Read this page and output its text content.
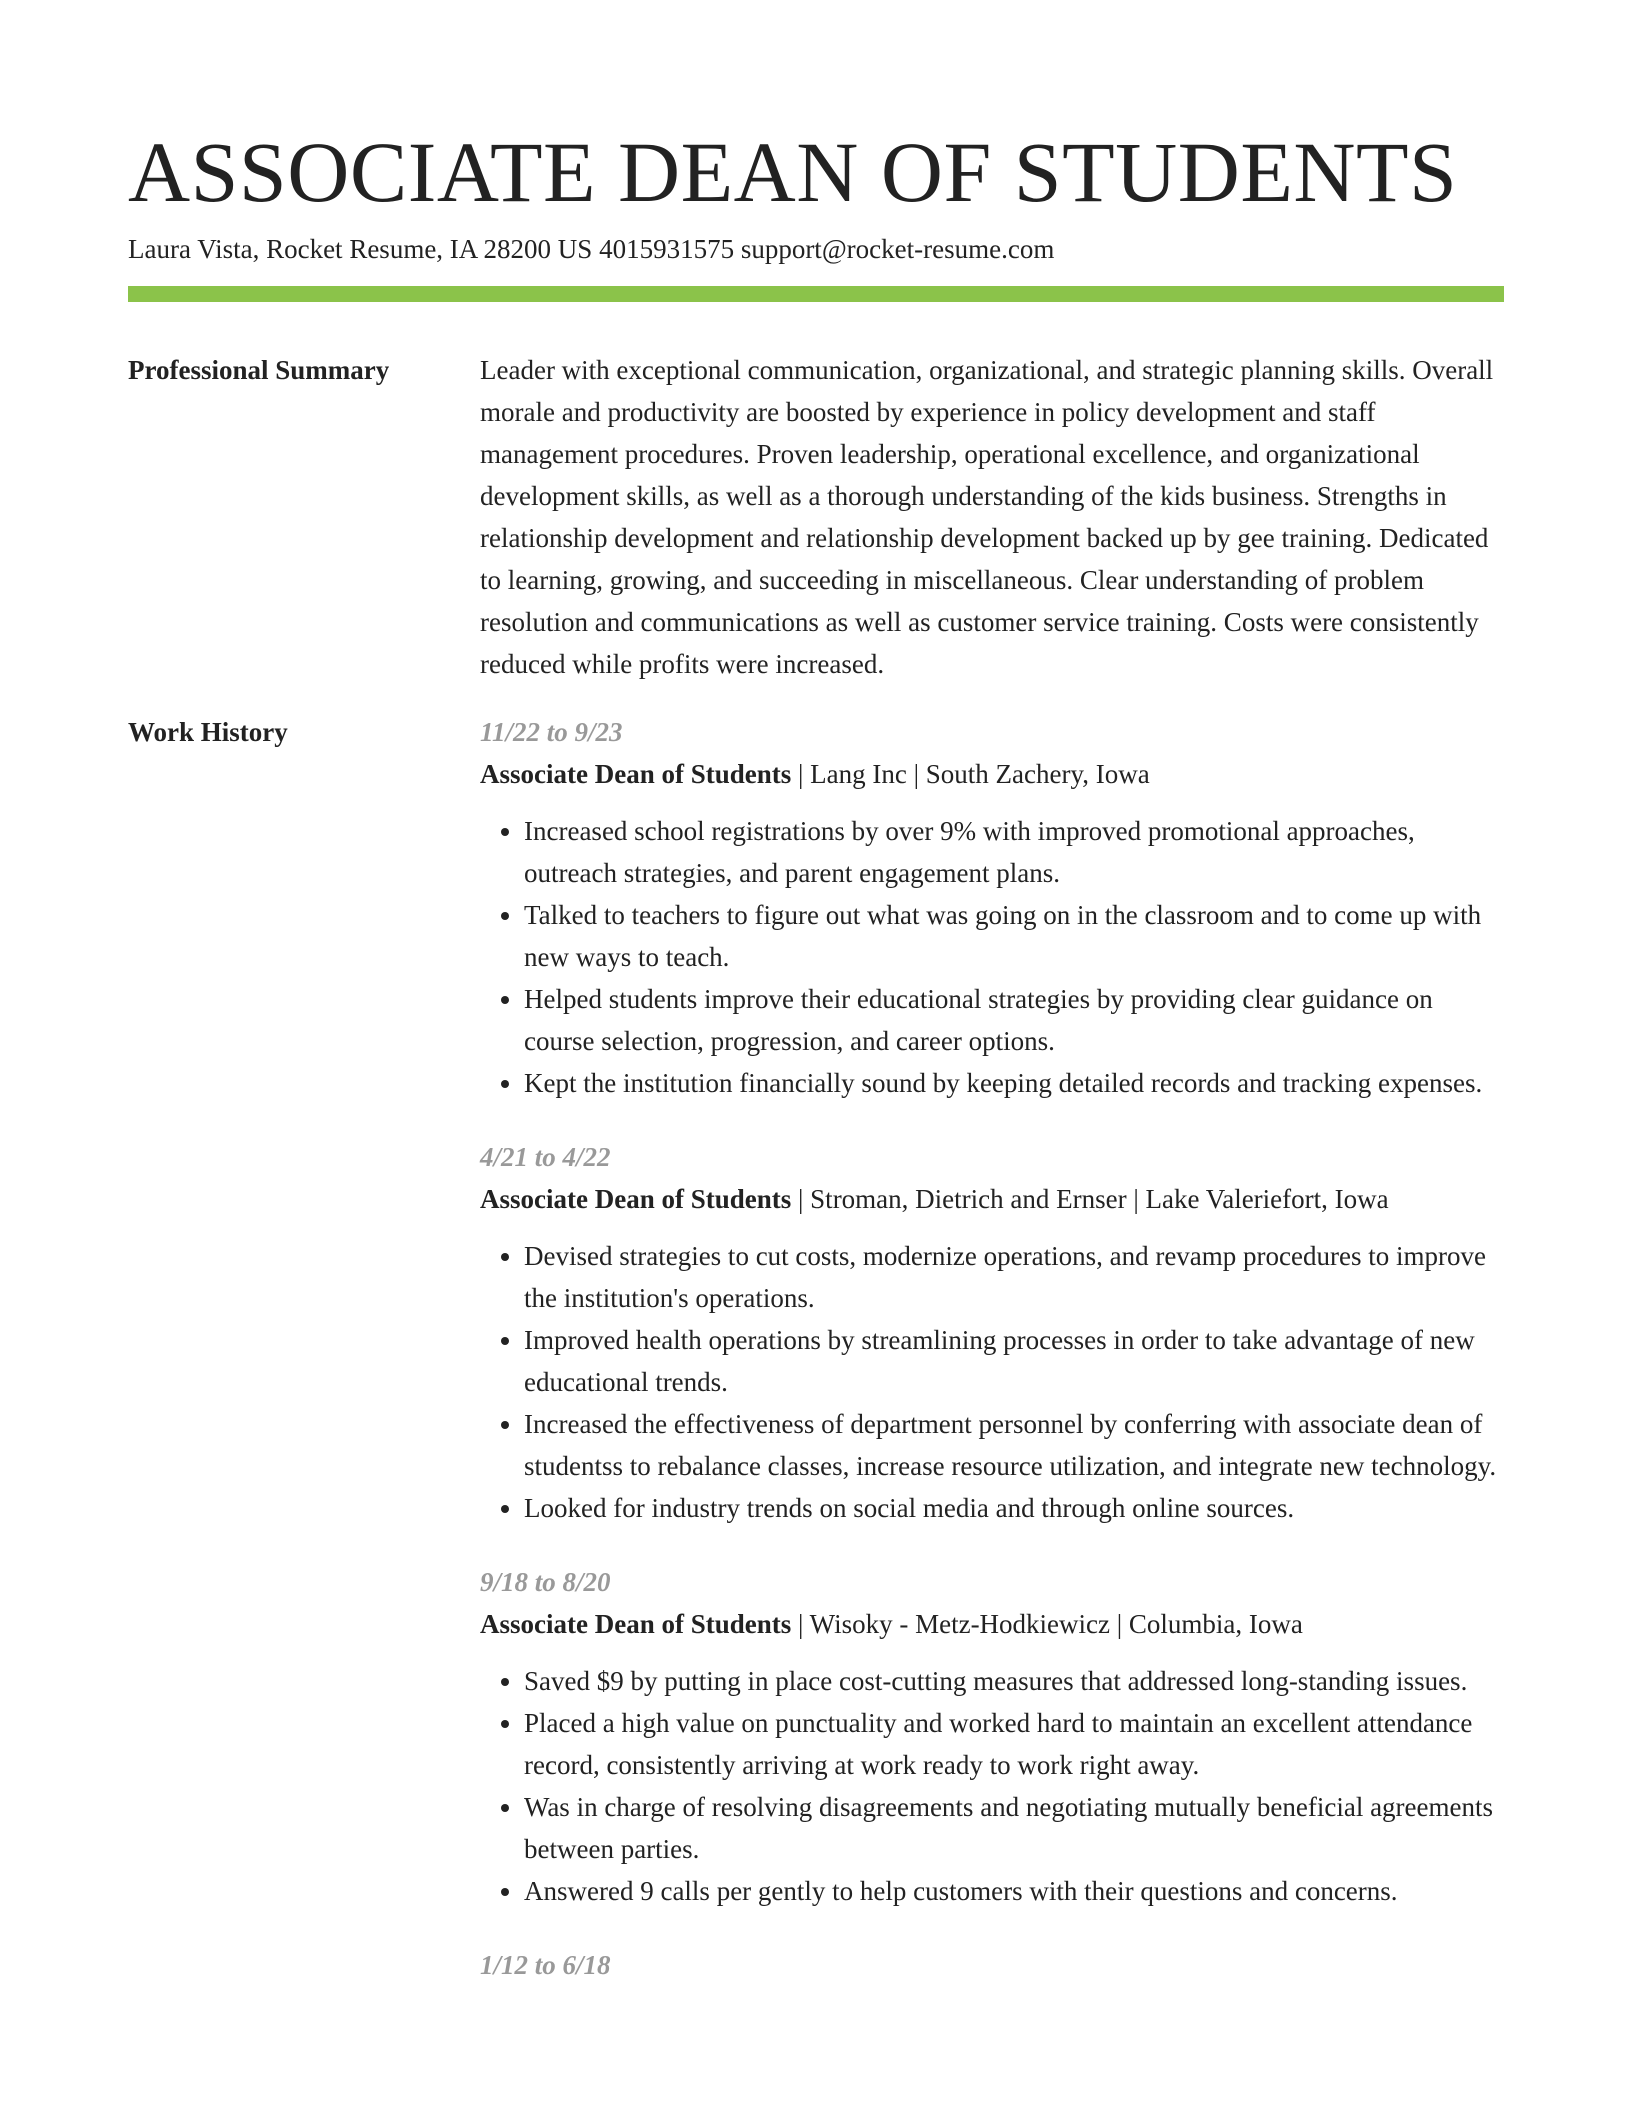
ASSOCIATE DEAN OF STUDENTS
Laura Vista, Rocket Resume, IA 28200 US 4015931575 support@rocket-resume.com
Professional Summary	Leader with exceptional communication, organizational, and strategic planning skills. Overall morale and productivity are boosted by experience in policy development and staff management procedures. Proven leadership, operational excellence, and organizational development skills, as well as a thorough understanding of the kids business. Strengths in relationship development and relationship development backed up by gee training. Dedicated to learning, growing, and succeeding in miscellaneous. Clear understanding of problem resolution and communications as well as customer service training. Costs were consistently reduced while profits were increased.

Work History	11/22 to 9/23
Associate Dean of Students | Lang Inc | South Zachery, Iowa
• Increased school registrations by over 9% with improved promotional approaches, outreach strategies, and parent engagement plans.
• Talked to teachers to figure out what was going on in the classroom and to come up with new ways to teach.
• Helped students improve their educational strategies by providing clear guidance on course selection, progression, and career options.
• Kept the institution financially sound by keeping detailed records and tracking expenses.
4/21 to 4/22
Associate Dean of Students | Stroman, Dietrich and Ernser | Lake Valeriefort, Iowa
• Devised strategies to cut costs, modernize operations, and revamp procedures to improve the institution's operations.
• Improved health operations by streamlining processes in order to take advantage of new educational trends.
• Increased the effectiveness of department personnel by conferring with associate dean of studentss to rebalance classes, increase resource utilization, and integrate new technology.
• Looked for industry trends on social media and through online sources.
9/18 to 8/20
Associate Dean of Students | Wisoky - Metz-Hodkiewicz | Columbia, Iowa
• Saved $9 by putting in place cost-cutting measures that addressed long-standing issues.
• Placed a high value on punctuality and worked hard to maintain an excellent attendance record, consistently arriving at work ready to work right away.
• Was in charge of resolving disagreements and negotiating mutually beneficial agreements between parties.
• Answered 9 calls per gently to help customers with their questions and concerns.
1/12 to 6/18
